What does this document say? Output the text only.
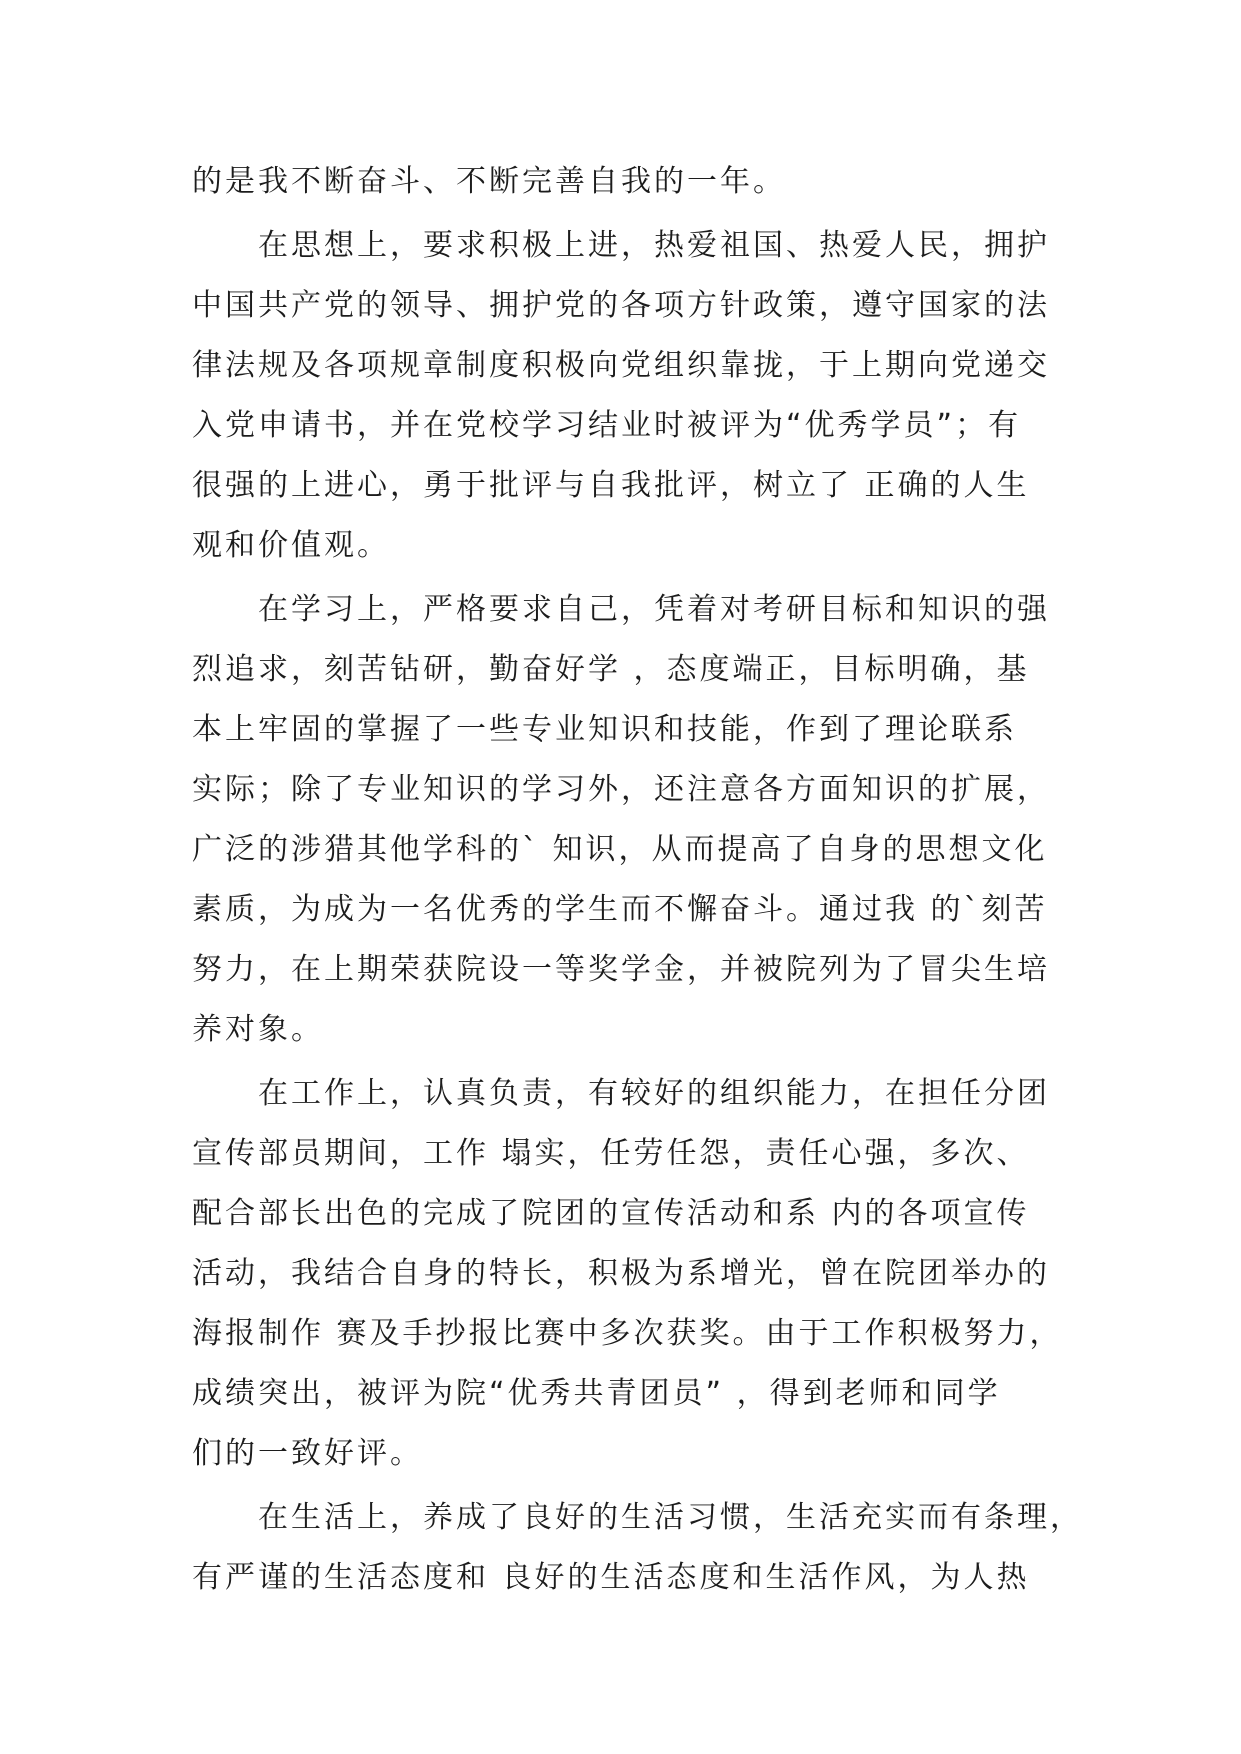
的是我不断奋斗、不断完善自我的一年。
在思想上，要求积极上进，热爱祖国、热爱人民，拥护
中国共产党的领导、拥护党的各项方针政策，遵守国家的法
律法规及各项规章制度积极向党组织靠拢，于上期向党递交
入党申请书，并在党校学习结业时被评为“优秀学员”；有
很强的上进心，勇于批评与自我批评，树立了 正确的人生
观和价值观。
在学习上，严格要求自己，凭着对考研目标和知识的强
烈追求，刻苦钻研，勤奋好学 ，态度端正，目标明确，基
本上牢固的掌握了一些专业知识和技能，作到了理论联系
实际；除了专业知识的学习外，还注意各方面知识的扩展，
广泛的涉猎其他学科的` 知识，从而提高了自身的思想文化
素质，为成为一名优秀的学生而不懈奋斗。通过我 的`刻苦
努力，在上期荣获院设一等奖学金，并被院列为了冒尖生培
养对象。
在工作上，认真负责，有较好的组织能力，在担任分团
宣传部员期间，工作 塌实，任劳任怨，责任心强，多次、
配合部长出色的完成了院团的宣传活动和系 内的各项宣传
活动，我结合自身的特长，积极为系增光，曾在院团举办的
海报制作 赛及手抄报比赛中多次获奖。由于工作积极努力，
成绩突出，被评为院“优秀共青团员” ，得到老师和同学
们的一致好评。
在生活上，养成了良好的生活习惯，生活充实而有条理，
有严谨的生活态度和 良好的生活态度和生活作风，为人热
